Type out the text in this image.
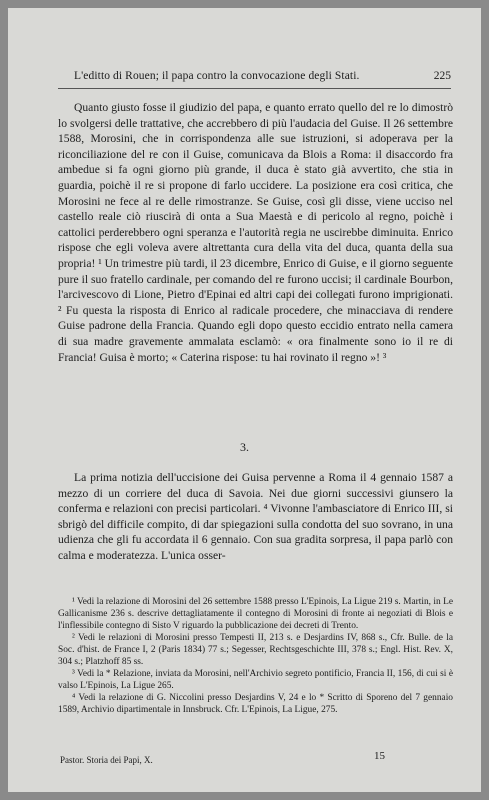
L'editto di Rouen; il papa contro la convocazione degli Stati.	225

Quanto giusto fosse il giudizio del papa, e quanto errato quello del re lo dimostrò lo svolgersi delle trattative, che accrebbero di più l'audacia del Guise. Il 26 settembre 1588, Morosini, che in corrispondenza alle sue istruzioni, si adoperava per la riconciliazione del re con il Guise, comunicava da Blois a Roma: il disaccordo fra ambedue si fa ogni giorno più grande, il duca è stato già avvertito, che stia in guardia, poichè il re si propone di farlo uccidere. La posizione era così critica, che Morosini ne fece al re delle rimostranze. Se Guise, così gli disse, viene ucciso nel castello reale ciò riuscirà di onta a Sua Maestà e di pericolo al regno, poichè i cattolici perderebbero ogni speranza e l'autorità regia ne uscirebbe diminuita. Enrico rispose che egli voleva avere altrettanta cura della vita del duca, quanta della sua propria! ¹ Un trimestre più tardi, il 23 dicembre, Enrico di Guise, e il giorno seguente pure il suo fratello cardinale, per comando del re furono uccisi; il cardinale Bourbon, l'arcivescovo di Lione, Pietro d'Epinai ed altri capi dei collegati furono imprigionati. ² Fu questa la risposta di Enrico al radicale procedere, che minacciava di rendere Guise padrone della Francia. Quando egli dopo questo eccidio entrato nella camera di sua madre gravemente ammalata esclamò: « ora finalmente sono io il re di Francia! Guisa è morto; « Caterina rispose: tu hai rovinato il regno »! ³

3.

La prima notizia dell'uccisione dei Guisa pervenne a Roma il 4 gennaio 1587 a mezzo di un corriere del duca di Savoia. Nei due giorni successivi giunsero la conferma e relazioni con precisi particolari. ⁴ Vivonne l'ambasciatore di Enrico III, si sbrigò del difficile compito, di dar spiegazioni sulla condotta del suo sovrano, in una udienza che gli fu accordata il 6 gennaio. Con sua gradita sorpresa, il papa parlò con calma e moderatezza. L'unica osser-

¹ Vedi la relazione di Morosini del 26 settembre 1588 presso L'Epinois, La Ligue 219 s. Martin, in Le Gallicanisme 236 s. descrive dettagliatamente il contegno di Morosini di fronte ai negoziati di Blois e l'inflessibile contegno di Sisto V riguardo la pubblicazione dei decreti di Trento.

² Vedi le relazioni di Morosini presso Tempesti II, 213 s. e Desjardins IV, 868 s., Cfr. Bulle. de la Soc. d'hist. de France I, 2 (Paris 1834) 77 s.; Segesser, Rechtsgeschichte III, 378 s.; Engl. Hist. Rev. X, 304 s.; Platzhoff 85 ss.

³ Vedi la * Relazione, inviata da Morosini, nell'Archivio segreto pontificio, Francia II, 156, di cui si è valso L'Epinois, La Ligue 265.

⁴ Vedi la relazione di G. Niccolini presso Desjardins V, 24 e lo * Scritto di Sporeno del 7 gennaio 1589, Archivio dipartimentale in Innsbruck. Cfr. L'Epinois, La Ligue, 275.

Pastor. Storia dei Papi, X.	15
